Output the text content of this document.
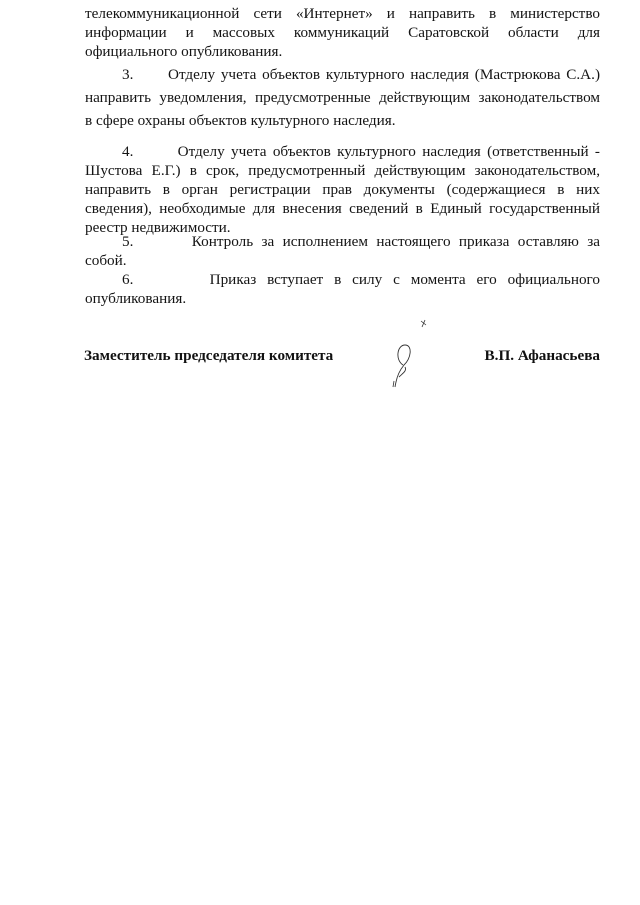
телекоммуникационной сети «Интернет» и направить в министерство
информации и массовых коммуникаций Саратовской области для
официального опубликования.
3.      Отделу учета объектов культурного наследия (Мастрюкова С.А.)
направить уведомления, предусмотренные действующим законодательством
в сфере охраны объектов культурного наследия.
4.       Отделу учета объектов культурного наследия (ответственный -
Шустова Е.Г.) в срок, предусмотренный действующим законодательством,
направить в орган регистрации прав документы (содержащиеся в них
сведения), необходимые для внесения сведений в Единый государственный
реестр недвижимости.
5.       Контроль за исполнением настоящего приказа оставляю за
собой.
6.       Приказ вступает в силу с момента его официального
опубликования.
Заместитель председателя комитета	В.П. Афанасьева
